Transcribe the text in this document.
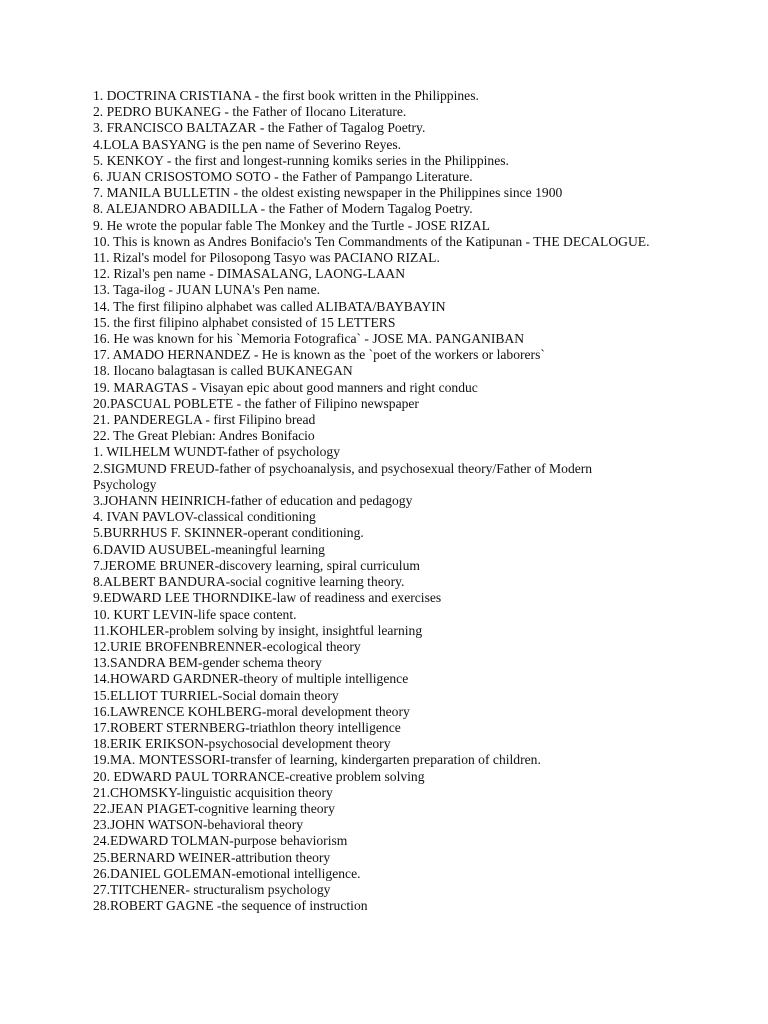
1. DOCTRINA CRISTIANA - the first book written in the Philippines.
2. PEDRO BUKANEG - the Father of Ilocano Literature.
3. FRANCISCO BALTAZAR - the Father of Tagalog Poetry.
4.LOLA BASYANG is the pen name of Severino Reyes.
5. KENKOY - the first and longest-running komiks series in the Philippines.
6. JUAN CRISOSTOMO SOTO - the Father of Pampango Literature.
7. MANILA BULLETIN - the oldest existing newspaper in the Philippines since 1900
8. ALEJANDRO ABADILLA - the Father of Modern Tagalog Poetry.
9. He wrote the popular fable The Monkey and the Turtle - JOSE RIZAL
10. This is known as Andres Bonifacio's Ten Commandments of the Katipunan - THE DECALOGUE.
11. Rizal's model for Pilosopong Tasyo was PACIANO RIZAL.
12. Rizal's pen name - DIMASALANG, LAONG-LAAN
13. Taga-ilog - JUAN LUNA's Pen name.
14. The first filipino alphabet was called ALIBATA/BAYBAYIN
15. the first filipino alphabet consisted of 15 LETTERS
16. He was known for his `Memoria Fotografica` - JOSE MA. PANGANIBAN
17. AMADO HERNANDEZ - He is known as the `poet of the workers or laborers`
18. Ilocano balagtasan is called BUKANEGAN
19. MARAGTAS - Visayan epic about good manners and right conduc
20.PASCUAL POBLETE - the father of Filipino newspaper
21. PANDEREGLA - first Filipino bread
22. The Great Plebian: Andres Bonifacio
1. WILHELM WUNDT-father of psychology
2.SIGMUND FREUD-father of psychoanalysis, and psychosexual theory/Father of Modern Psychology
3.JOHANN HEINRICH-father of education and pedagogy
4. IVAN PAVLOV-classical conditioning
5.BURRHUS F. SKINNER-operant conditioning.
6.DAVID AUSUBEL-meaningful learning
7.JEROME BRUNER-discovery learning, spiral curriculum
8.ALBERT BANDURA-social cognitive learning theory.
9.EDWARD LEE THORNDIKE-law of readiness and exercises
10. KURT LEVIN-life space content.
11.KOHLER-problem solving by insight, insightful learning
12.URIE BROFENBRENNER-ecological theory
13.SANDRA BEM-gender schema theory
14.HOWARD GARDNER-theory of multiple intelligence
15.ELLIOT TURRIEL-Social domain theory
16.LAWRENCE KOHLBERG-moral development theory
17.ROBERT STERNBERG-triathlon theory intelligence
18.ERIK ERIKSON-psychosocial development theory
19.MA. MONTESSORI-transfer of learning, kindergarten preparation of children.
20. EDWARD PAUL TORRANCE-creative problem solving
21.CHOMSKY-linguistic acquisition theory
22.JEAN PIAGET-cognitive learning theory
23.JOHN WATSON-behavioral theory
24.EDWARD TOLMAN-purpose behaviorism
25.BERNARD WEINER-attribution theory
26.DANIEL GOLEMAN-emotional intelligence.
27.TITCHENER- structuralism psychology
28.ROBERT GAGNE -the sequence of instruction
